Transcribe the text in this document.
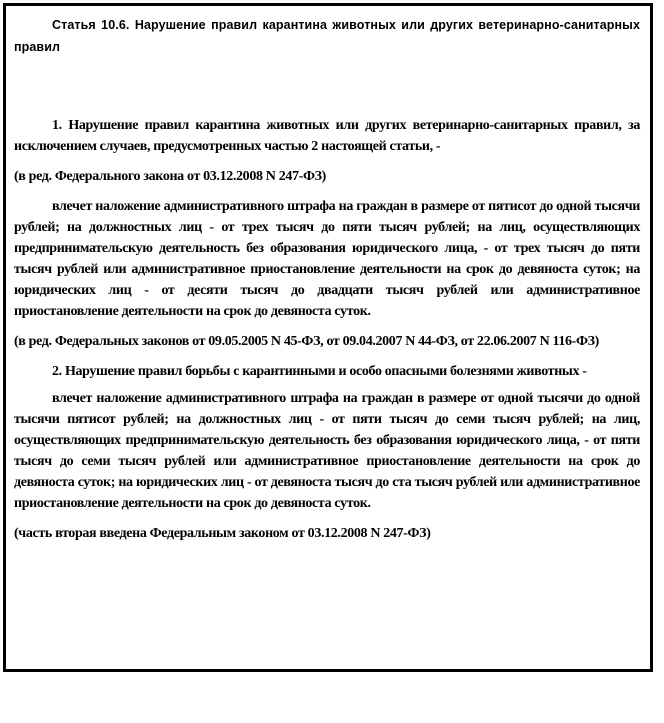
Статья 10.6. Нарушение правил карантина животных или других ветеринарно-санитарных правил

1. Нарушение правил карантина животных или других ветеринарно-санитарных правил, за исключением случаев, предусмотренных частью 2 настоящей статьи, -

(в ред. Федерального закона от 03.12.2008 N 247-ФЗ)

влечет наложение административного штрафа на граждан в размере от пятисот до одной тысячи рублей; на должностных лиц - от трех тысяч до пяти тысяч рублей; на лиц, осуществляющих предпринимательскую деятельность без образования юридического лица, - от трех тысяч до пяти тысяч рублей или административное приостановление деятельности на срок до девяноста суток; на юридических лиц - от десяти тысяч до двадцати тысяч рублей или административное приостановление деятельности на срок до девяноста суток.

(в ред. Федеральных законов от 09.05.2005 N 45-ФЗ, от 09.04.2007 N 44-ФЗ, от 22.06.2007 N 116-ФЗ)

2. Нарушение правил борьбы с карантинными и особо опасными болезнями животных -

влечет наложение административного штрафа на граждан в размере от одной тысячи до одной тысячи пятисот рублей; на должностных лиц - от пяти тысяч до семи тысяч рублей; на лиц, осуществляющих предпринимательскую деятельность без образования юридического лица, - от пяти тысяч до семи тысяч рублей или административное приостановление деятельности на срок до девяноста суток; на юридических лиц - от девяноста тысяч до ста тысяч рублей или административное приостановление деятельности на срок до девяноста суток.

(часть вторая введена Федеральным законом от 03.12.2008 N 247-ФЗ)
